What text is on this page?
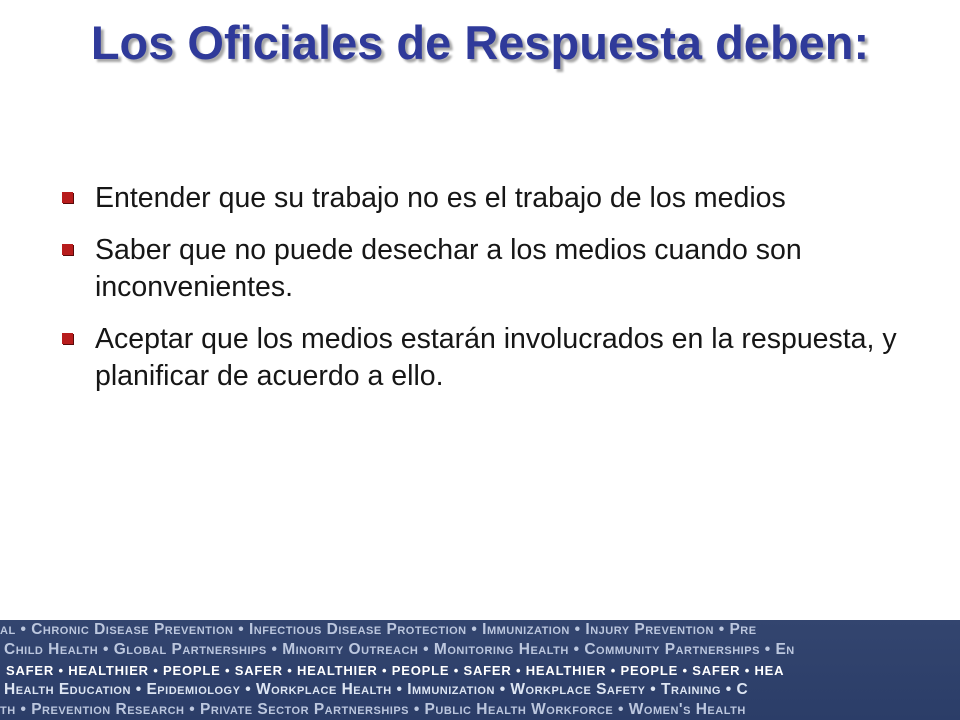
Los Oficiales de Respuesta deben:
Entender que su trabajo no es el trabajo de los medios
Saber que no puede desechar a los medios cuando son inconvenientes.
Aceptar que los medios estarán involucrados en la respuesta, y planificar de acuerdo a ello.
al • Chronic Disease Prevention • Infectious Disease Protection • Immunization • Injury Prevention • Pre
Child Health • Global Partnerships • Minority Outreach • Monitoring Health • Community Partnerships • En
SAFER • HEALTHIER • PEOPLE • SAFER • HEALTHIER • PEOPLE • SAFER • HEALTHIER • PEOPLE • SAFER • HEA
Health Education • Epidemiology • Workplace Health • Immunization • Workplace Safety • Training • C
th • Prevention Research • Private Sector Partnerships • Public Health Workforce • Women's Health
